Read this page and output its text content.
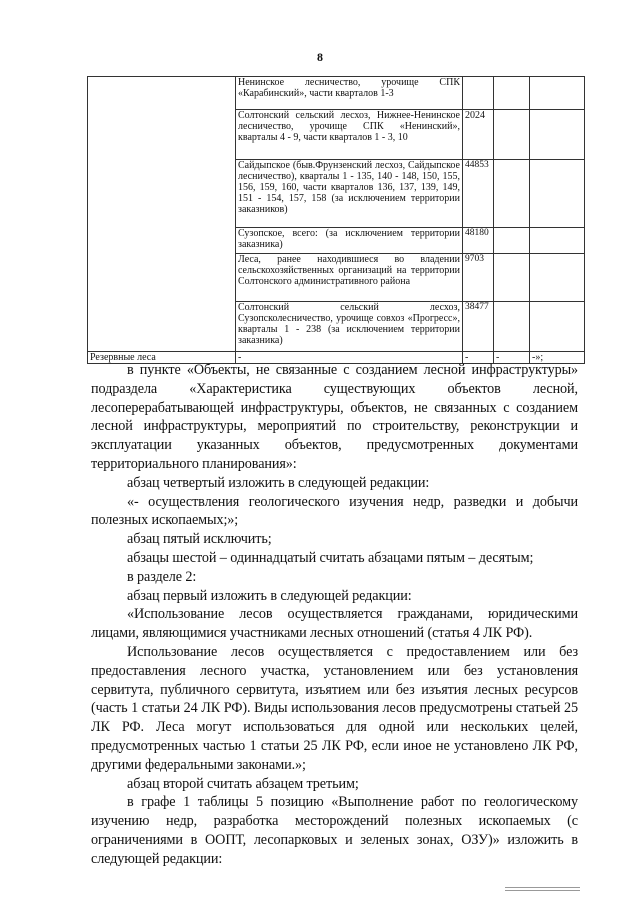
8
	Ненинское лесничество, урочище СПК «Карабинский», части кварталов 1-3			
	Солтонский сельский лесхоз, Нижнее-Ненинское лесничество, урочище СПК «Ненинский», кварталы 4 - 9, части кварталов 1 - 3, 10	2024		
	Сайдыпское (быв.Фрунзенский лесхоз, Сайдыпское лесничество), кварталы 1 - 135, 140 - 148, 150, 155, 156, 159, 160, части кварталов 136, 137, 139, 149, 151 - 154, 157, 158 (за исключением территории заказников)	44853		
	Сузопское, всего: (за исключением территории заказника)	48180		
	Леса, ранее находившиеся во владении сельскохозяйственных организаций на территории Солтонского административного района	9703		
	Солтонский сельский лесхоз, Сузопсколесничество, урочище совхоз «Прогресс», кварталы 1 - 238 (за исключением территории заказника)	38477		
Резервные леса	-	-	-	-»;

в пункте «Объекты, не связанные с созданием лесной инфраструктуры» подраздела «Характеристика существующих объектов лесной, лесоперерабатывающей инфраструктуры, объектов, не связанных с созданием лесной инфраструктуры, мероприятий по строительству, реконструкции и эксплуатации указанных объектов, предусмотренных документами территориального планирования»:

абзац четвертый изложить в следующей редакции:

«- осуществления геологического изучения недр, разведки и добычи полезных ископаемых;»;

абзац пятый исключить;

абзацы шестой – одиннадцатый считать абзацами пятым – десятым;

в разделе 2:

абзац первый изложить в следующей редакции:

«Использование лесов осуществляется гражданами, юридическими лицами, являющимися участниками лесных отношений (статья 4 ЛК РФ).

Использование лесов осуществляется с предоставлением или без предоставления лесного участка, установлением или без установления сервитута, публичного сервитута, изъятием или без изъятия лесных ресурсов (часть 1 статьи 24 ЛК РФ). Виды использования лесов предусмотрены статьей 25 ЛК РФ. Леса могут использоваться для одной или нескольких целей, предусмотренных частью 1 статьи 25 ЛК РФ, если иное не установлено ЛК РФ, другими федеральными законами.»;

абзац второй считать абзацем третьим;

в графе 1 таблицы 5 позицию «Выполнение работ по геологическому изучению недр, разработка месторождений полезных ископаемых (с ограничениями в ООПТ, лесопарковых и зеленых зонах, ОЗУ)» изложить в следующей редакции:
